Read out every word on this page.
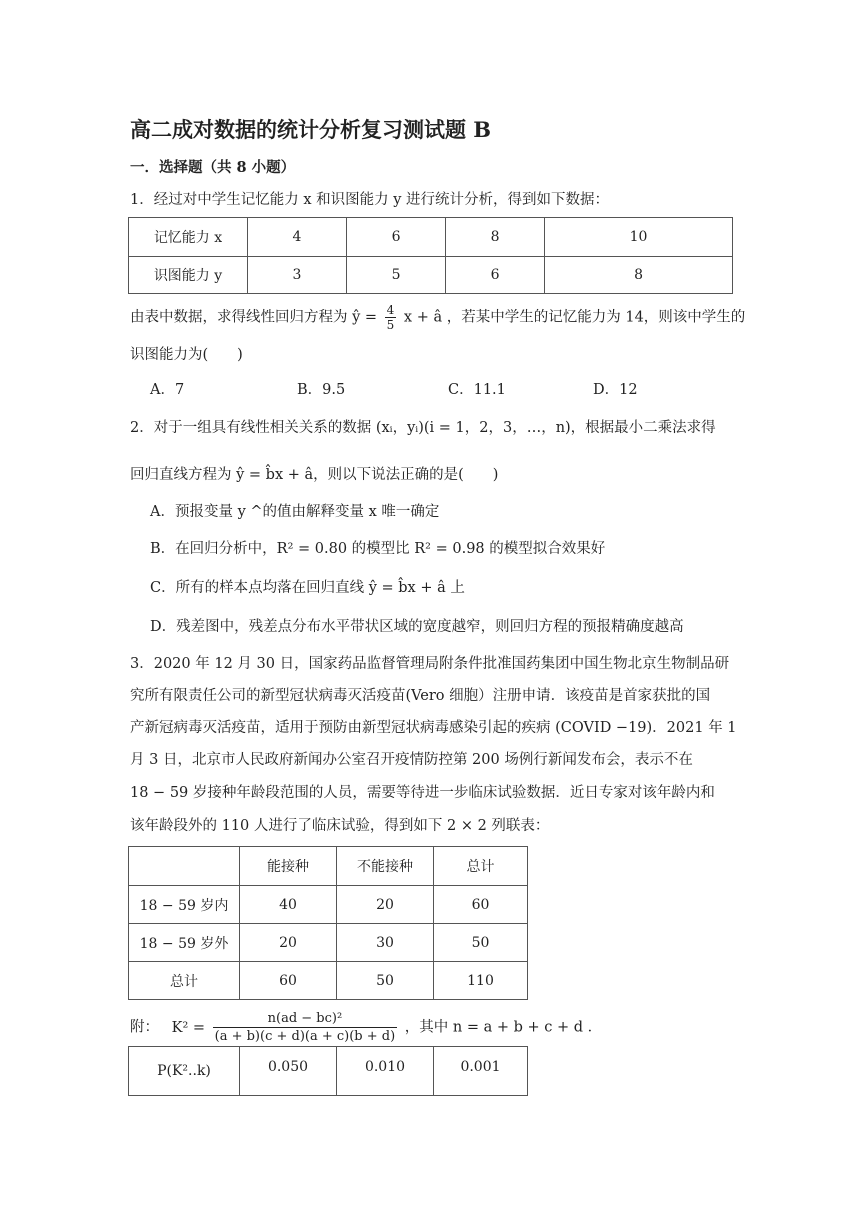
高二成对数据的统计分析复习测试题 B
一．选择题（共 8 小题）
1．经过对中学生记忆能力 x 和识图能力 y 进行统计分析，得到如下数据：
记忆能力 x	4	6	8	10
识图能力 y	3	5	6	8
由表中数据，求得线性回归方程为 ŷ = $\frac{4}{5}$ x + â ，若某中学生的记忆能力为 14，则该中学生的
识图能力为(　　)
A．7	B．9.5	C．11.1	D．12
2．对于一组具有线性相关关系的数据 (xᵢ，yᵢ)(i = 1，2，3，…，n)，根据最小二乘法求得
回归直线方程为 ŷ = b̂x + â，则以下说法正确的是(　　)
A．预报变量 y ^的值由解释变量 x 唯一确定
B．在回归分析中，R² = 0.80 的模型比 R² = 0.98 的模型拟合效果好
C．所有的样本点均落在回归直线 ŷ = b̂x + â 上
D．残差图中，残差点分布水平带状区域的宽度越窄，则回归方程的预报精确度越高
3．2020 年 12 月 30 日，国家药品监督管理局附条件批准国药集团中国生物北京生物制品研
究所有限责任公司的新型冠状病毒灭活疫苗(Vero 细胞）注册申请．该疫苗是首家获批的国
产新冠病毒灭活疫苗，适用于预防由新型冠状病毒感染引起的疾病 (COVID −19)．2021 年 1
月 3 日，北京市人民政府新闻办公室召开疫情防控第 200 场例行新闻发布会，表示不在
18 − 59 岁接种年龄段范围的人员，需要等待进一步临床试验数据．近日专家对该年龄内和
该年龄段外的 110 人进行了临床试验，得到如下 2 × 2 列联表：
	能接种	不能接种	总计
18 − 59 岁内	40	20	60
18 − 59 岁外	20	30	50
总计	60	50	110
附： $K^2 = \frac{\text{n(ad − bc)²}}{(a + b)(c + d)(a + c)(b + d)}$ ，其中 n = a + b + c + d ．
P(K²..k)	0.050	0.010	0.001
